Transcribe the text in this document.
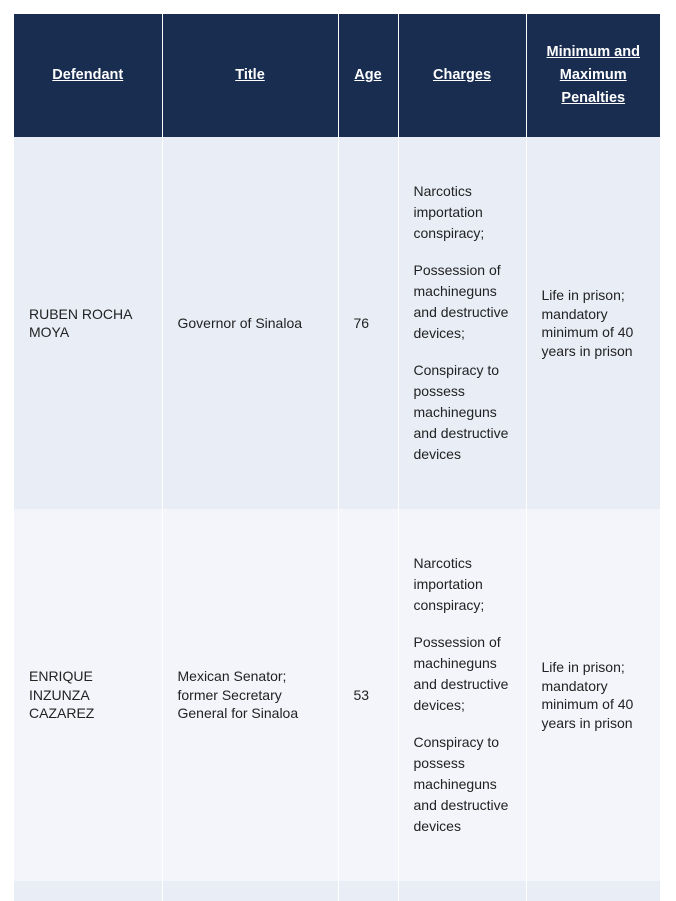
Defendant	Title	Age	Charges	Minimum and Maximum Penalties
RUBEN ROCHA MOYA	Governor of Sinaloa	76	Narcotics importation conspiracy;

Possession of machineguns and destructive devices;

Conspiracy to possess machineguns and destructive devices	Life in prison; mandatory minimum of 40 years in prison
ENRIQUE INZUNZA CAZAREZ	Mexican Senator; former Secretary General for Sinaloa	53	Narcotics importation conspiracy;

Possession of machineguns and destructive devices;

Conspiracy to possess machineguns and destructive devices	Life in prison; mandatory minimum of 40 years in prison
